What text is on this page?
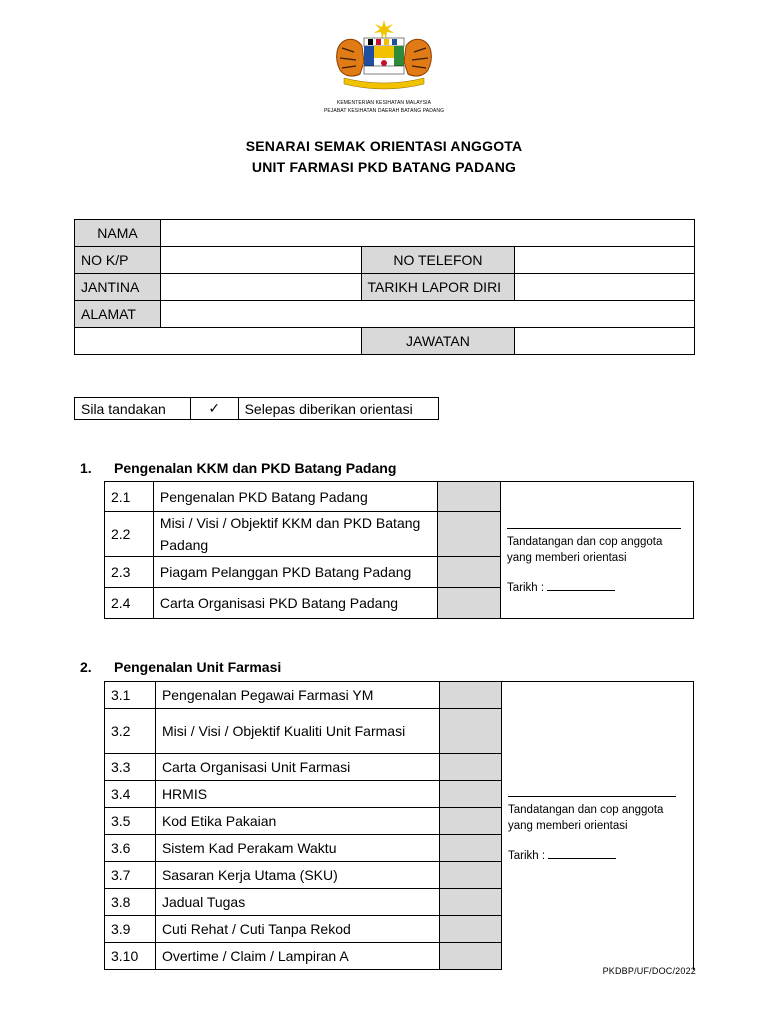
KEMENTERIAN KESIHATAN MALAYSIA
PEJABAT KESIHATAN DAERAH BATANG PADANG
SENARAI SEMAK ORIENTASI ANGGOTA
UNIT FARMASI PKD BATANG PADANG
NAMA			
NO K/P		NO TELEFON	
JANTINA		TARIKH LAPOR DIRI	
ALAMAT			
		JAWATAN	
Sila tandakan	✓	Selepas diberikan orientasi
1. Pengenalan KKM dan PKD Batang Padang
2.1	Pengenalan PKD Batang Padang		Tandatangan dan cop anggota yang memberi orientasi

Tarikh :

2.2	Misi / Visi / Objektif KKM dan PKD Batang Padang		
2.3	Piagam Pelanggan PKD Batang Padang		
2.4	Carta Organisasi PKD Batang Padang		
2. Pengenalan Unit Farmasi
3.1	Pengenalan Pegawai Farmasi YM		Tandatangan dan cop anggota yang memberi orientasi

Tarikh :

3.2	Misi / Visi / Objektif Kualiti Unit Farmasi		
3.3	Carta Organisasi Unit Farmasi		
3.4	HRMIS		
3.5	Kod Etika Pakaian		
3.6	Sistem Kad Perakam Waktu		
3.7	Sasaran Kerja Utama (SKU)		
3.8	Jadual Tugas		
3.9	Cuti Rehat / Cuti Tanpa Rekod		
3.10	Overtime / Claim / Lampiran A		
PKDBP/UF/DOC/2022
